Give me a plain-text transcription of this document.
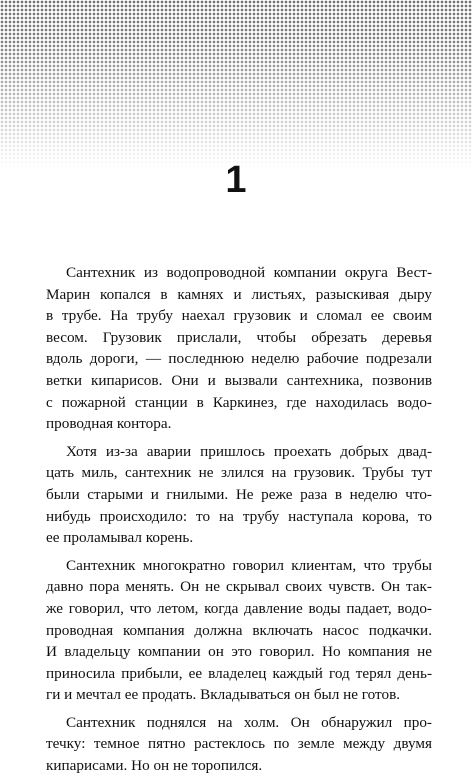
1
Сантехник из водопроводной компании округа Вест-
Марин копался в камнях и листьях, разыскивая дыру
в трубе. На трубу наехал грузовик и сломал ее своим
весом. Грузовик прислали, чтобы обрезать деревья
вдоль дороги, — последнюю неделю рабочие подрезали
ветки кипарисов. Они и вызвали сантехника, позвонив
с пожарной станции в Каркинез, где находилась водо-
проводная контора.
Хотя из-за аварии пришлось проехать добрых двад-
цать миль, сантехник не злился на грузовик. Трубы тут
были старыми и гнилыми. Не реже раза в неделю что-
нибудь происходило: то на трубу наступала корова, то
ее проламывал корень.
Сантехник многократно говорил клиентам, что трубы
давно пора менять. Он не скрывал своих чувств. Он так-
же говорил, что летом, когда давление воды падает, водо-
проводная компания должна включать насос подкачки.
И владельцу компании он это говорил. Но компания не
приносила прибыли, ее владелец каждый год терял день-
ги и мечтал ее продать. Вкладываться он был не готов.
Сантехник поднялся на холм. Он обнаружил про-
течку: темное пятно растеклось по земле между двумя
кипарисами. Но он не торопился.
